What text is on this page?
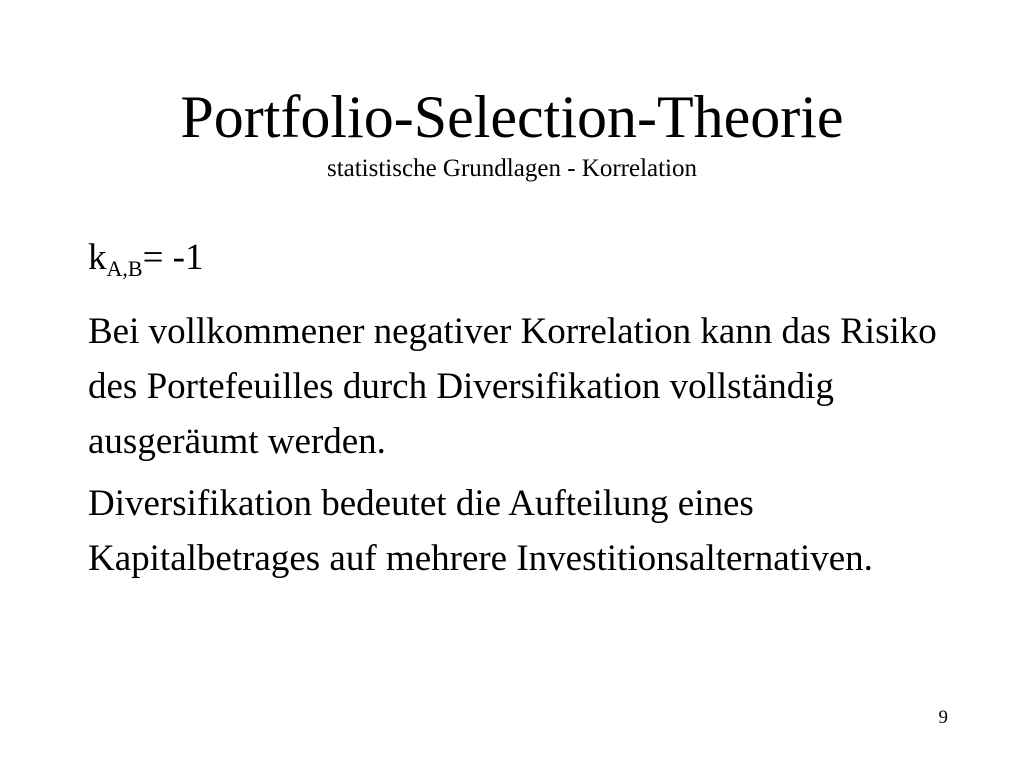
Portfolio-Selection-Theorie
statistische Grundlagen - Korrelation
$k_{A,B}= -1$

Bei vollkommener negativer Korrelation kann das Risiko des Portefeuilles durch Diversifikation vollständig ausgeräumt werden.

Diversifikation bedeutet die Aufteilung eines Kapitalbetrages auf mehrere Investitionsalternativen.

9
